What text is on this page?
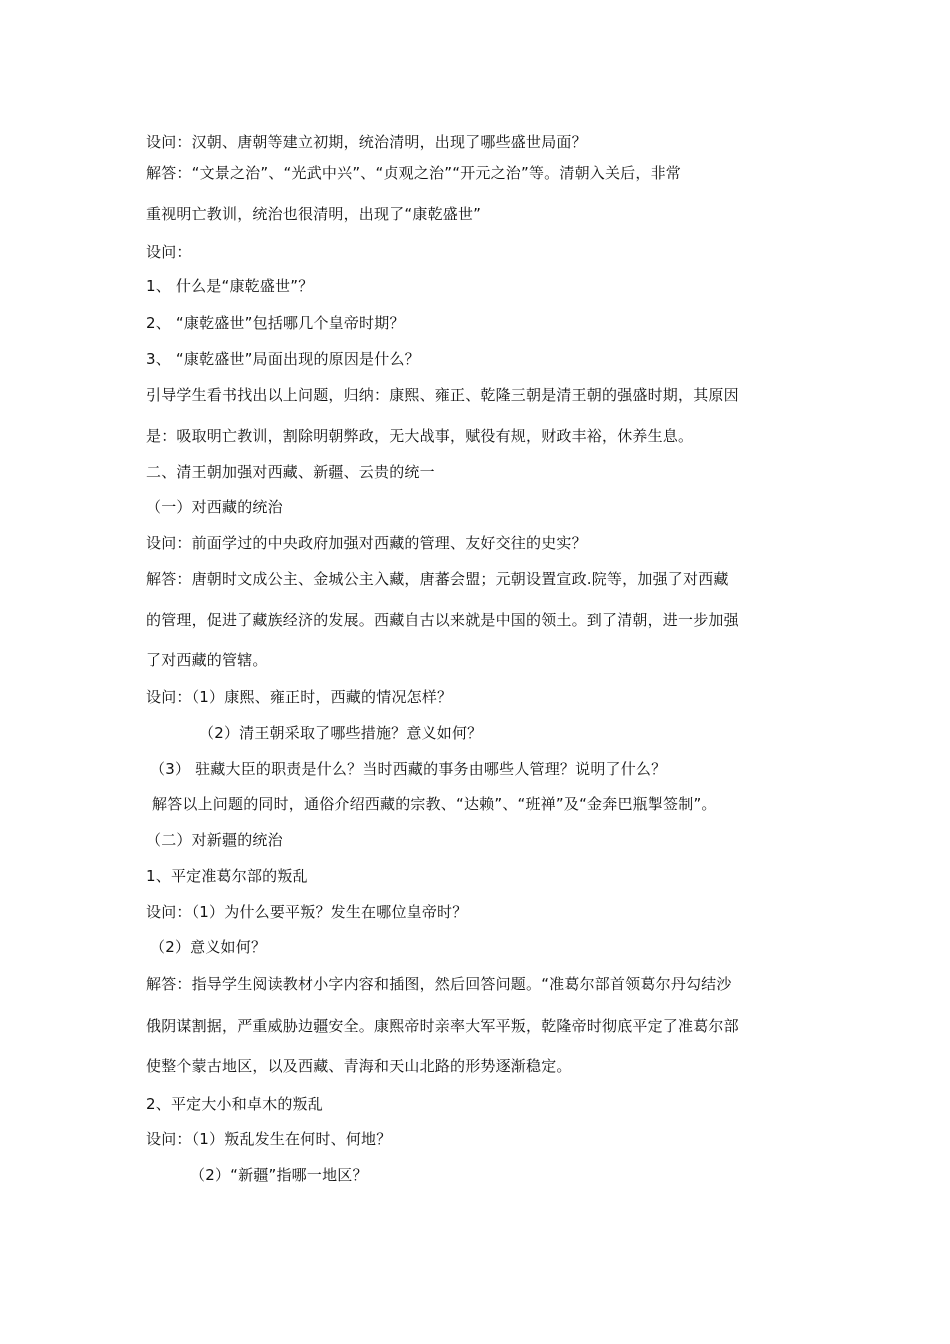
设问：汉朝、唐朝等建立初期，统治清明，出现了哪些盛世局面？
解答：“文景之治”、“光武中兴”、“贞观之治”“开元之治”等。清朝入关后，非常
重视明亡教训，统治也很清明，出现了“康乾盛世”
设问：
1、 什么是“康乾盛世”？
2、 “康乾盛世”包括哪几个皇帝时期？
3、 “康乾盛世”局面出现的原因是什么？
引导学生看书找出以上问题，归纳：康熙、雍正、乾隆三朝是清王朝的强盛时期，其原因
是：吸取明亡教训，割除明朝弊政，无大战事，赋役有规，财政丰裕，休养生息。
二、清王朝加强对西藏、新疆、云贵的统一
（一）对西藏的统治
设问：前面学过的中央政府加强对西藏的管理、友好交往的史实？
解答：唐朝时文成公主、金城公主入藏，唐蕃会盟；元朝设置宣政.院等，加强了对西藏
的管理，促进了藏族经济的发展。西藏自古以来就是中国的领土。到了清朝，进一步加强
了对西藏的管辖。
设问：（1）康熙、雍正时，西藏的情况怎样？
（2）清王朝采取了哪些措施？意义如何？
（3） 驻藏大臣的职责是什么？当时西藏的事务由哪些人管理？说明了什么？
解答以上问题的同时，通俗介绍西藏的宗教、“达赖”、“班禅”及“金奔巴瓶掣签制”。
（二）对新疆的统治
1、平定准葛尔部的叛乱
设问：（1）为什么要平叛？发生在哪位皇帝时？
（2）意义如何？
解答：指导学生阅读教材小字内容和插图，然后回答问题。“准葛尔部首领葛尔丹勾结沙
俄阴谋割据，严重威胁边疆安全。康熙帝时亲率大军平叛，乾隆帝时彻底平定了准葛尔部
使整个蒙古地区，以及西藏、青海和天山北路的形势逐渐稳定。
2、平定大小和卓木的叛乱
设问：（1）叛乱发生在何时、何地？
（2）“新疆”指哪一地区？
